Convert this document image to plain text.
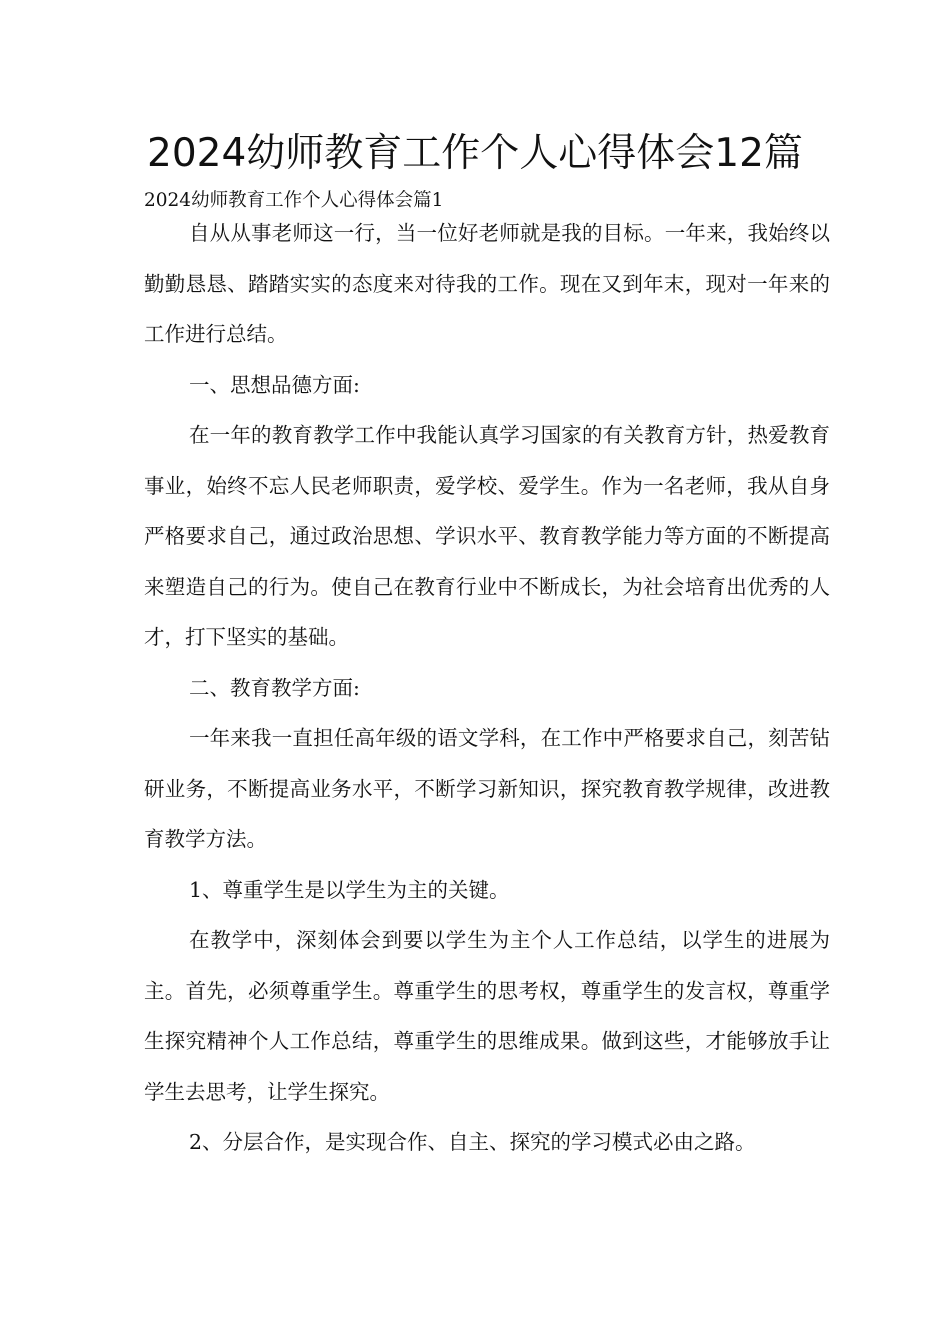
2024幼师教育工作个人心得体会12篇
2024幼师教育工作个人心得体会篇1

自从从事老师这一行，当一位好老师就是我的目标。一年来，我始终以勤勤恳恳、踏踏实实的态度来对待我的工作。现在又到年末，现对一年来的工作进行总结。

一、思想品德方面:

在一年的教育教学工作中我能认真学习国家的有关教育方针，热爱教育事业，始终不忘人民老师职责，爱学校、爱学生。作为一名老师，我从自身严格要求自己，通过政治思想、学识水平、教育教学能力等方面的不断提高来塑造自己的行为。使自己在教育行业中不断成长，为社会培育出优秀的人才，打下坚实的基础。

二、教育教学方面:

一年来我一直担任高年级的语文学科，在工作中严格要求自己，刻苦钻研业务，不断提高业务水平，不断学习新知识，探究教育教学规律，改进教育教学方法。

1、尊重学生是以学生为主的关键。

在教学中，深刻体会到要以学生为主个人工作总结，以学生的进展为主。首先，必须尊重学生。尊重学生的思考权，尊重学生的发言权，尊重学生探究精神个人工作总结，尊重学生的思维成果。做到这些，才能够放手让学生去思考，让学生探究。

2、分层合作，是实现合作、自主、探究的学习模式必由之路。
